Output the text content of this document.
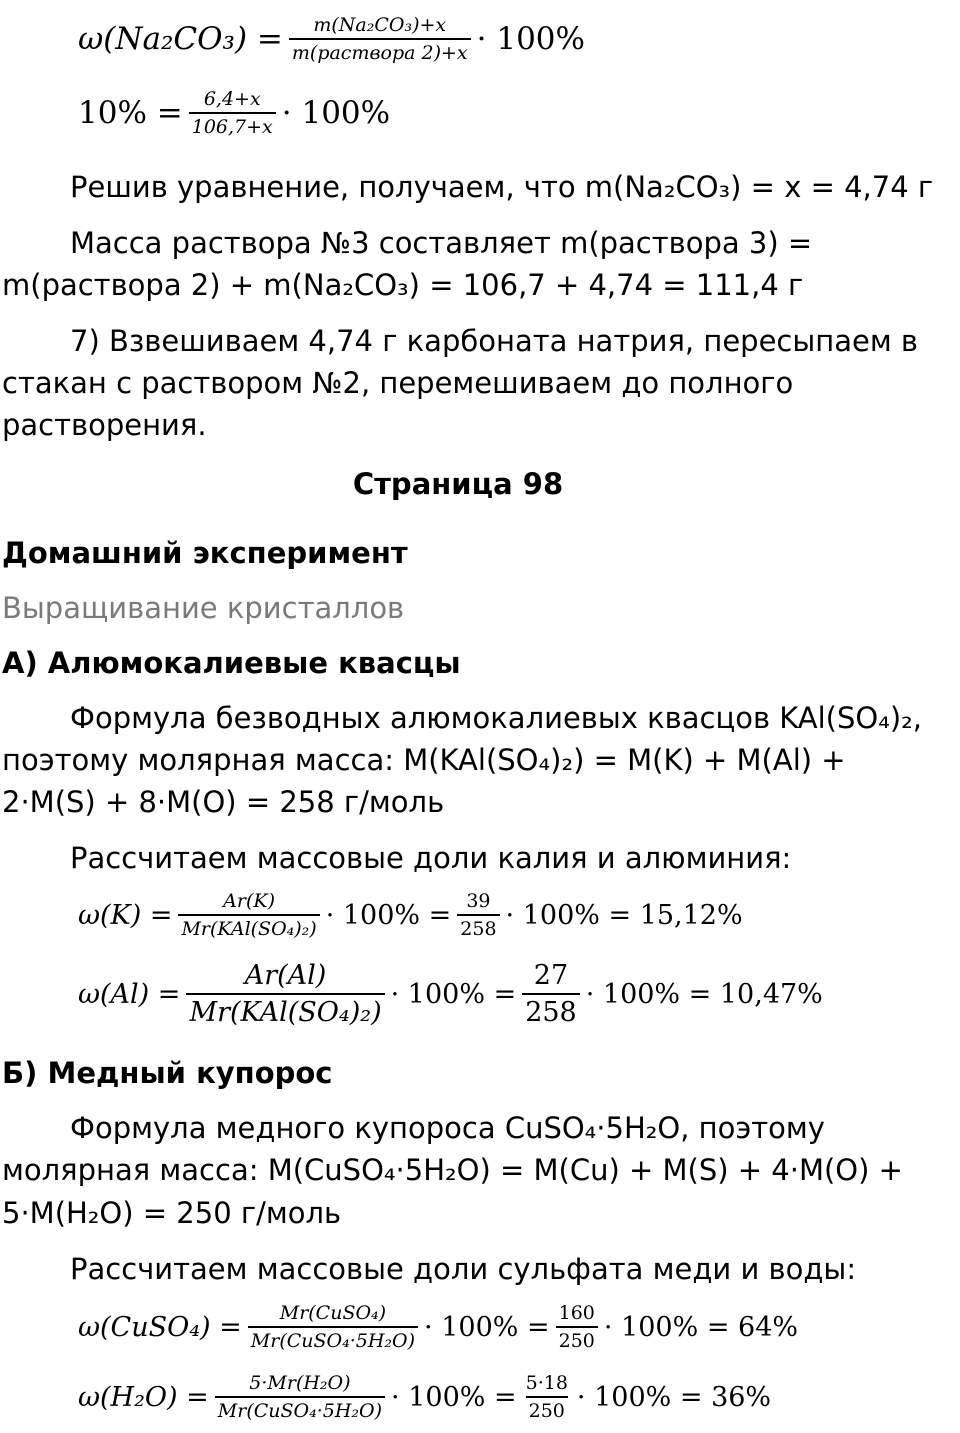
$\omega(Na_2CO_3) = \frac{\text{m(Na₂CO₃)+x}}{\text{m(раствора 2)+x}} \cdot 100\%$
$10\% = \frac{6,4+x}{106,7+x} \cdot 100\%$
Решив уравнение, получаем, что m(Na₂CO₃) = x = 4,74 г
Масса раствора №3 составляет m(раствора 3) =
m(раствора 2) + m(Na₂CO₃) = 106,7 + 4,74 = 111,4 г
7) Взвешиваем 4,74 г карбоната натрия, пересыпаем в
стакан с раствором №2, перемешиваем до полного
растворения.
Страница 98
Домашний эксперимент
Выращивание кристаллов
А) Алюмокалиевые квасцы
Формула безводных алюмокалиевых квасцов KAl(SO₄)₂,
поэтому молярная масса: M(KAl(SO₄)₂) = M(K) + M(Al) +
2·M(S) + 8·M(O) = 258 г/моль
Рассчитаем массовые доли калия и алюминия:
$\omega(K) = \frac{Ar(K)}{\text{Mr(KAl(SO₄)₂)}} \cdot 100\% = \frac{39}{258} \cdot 100\% = 15,12\%$
$\omega(Al) = \frac{Ar(Al)}{\text{Mr(KAl(SO₄)₂)}} \cdot 100\% = \frac{27}{258} \cdot 100\% = 10,47\%$
Б) Медный купорос
Формула медного купороса CuSO₄·5H₂O, поэтому
молярная масса: M(CuSO₄·5H₂O) = M(Cu) + M(S) + 4·M(O) +
5·M(H₂O) = 250 г/моль
Рассчитаем массовые доли сульфата меди и воды:
ω(CuSO₄) = $\frac{\text{Mr(CuSO₄)}}{\text{Mr(CuSO₄·5H₂O)}} \cdot 100\% = \frac{160}{250} \cdot 100\% = 64\%$
$\omega(H_2O) = \frac{\text{5·Mr(H₂O)}}{\text{Mr(CuSO₄·5H₂O)}} \cdot 100\% = \frac{5\cdot 18}{250} \cdot 100\% = 36\%$
